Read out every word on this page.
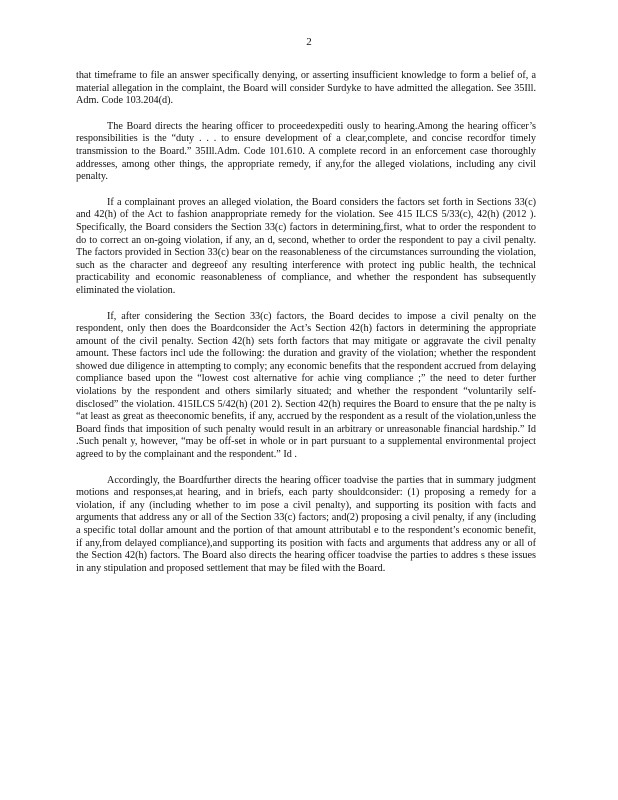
2

that timeframe to file an answer specifically denying, or asserting insufficient knowledge to form a belief of, a material allegation in the complaint, the Board will consider Surdyke to have admitted the allegation. See 35Ill. Adm. Code 103.204(d).

The Board directs the hearing officer to proceedexpediti ously to hearing.Among the hearing officer’s responsibilities is the “duty . . . to ensure development of a clear,complete, and concise recordfor timely transmission to the Board.” 35Ill.Adm. Code 101.610. A complete record in an enforcement case thoroughly addresses, among other things, the appropriate remedy, if any,for the alleged violations, including any civil penalty.

If a complainant proves an alleged violation, the Board considers the factors set forth in Sections 33(c) and 42(h) of the Act to fashion anappropriate remedy for the violation. See 415 ILCS 5/33(c), 42(h) (2012 ). Specifically, the Board considers the Section 33(c) factors in determining,first, what to order the respondent to do to correct an on-going violation, if any, an d, second, whether to order the respondent to pay a civil penalty. The factors provided in Section 33(c) bear on the reasonableness of the circumstances surrounding the violation, such as the character and degreeof any resulting interference with protect ing public health, the technical practicability and economic reasonableness of compliance, and whether the respondent has subsequently eliminated the violation.

If, after considering the Section 33(c) factors, the Board decides to impose a civil penalty on the respondent, only then does the Boardconsider the Act’s Section 42(h) factors in determining the appropriate amount of the civil penalty. Section 42(h) sets forth factors that may mitigate or aggravate the civil penalty amount. These factors incl ude the following: the duration and gravity of the violation; whether the respondent showed due diligence in attempting to comply; any economic benefits that the respondent accrued from delaying compliance based upon the “lowest cost alternative for achie ving compliance ;” the need to deter further violations by the respondent and others similarly situated; and whether the respondent “voluntarily self-disclosed” the violation. 415ILCS 5/42(h) (201 2). Section 42(h) requires the Board to ensure that the pe nalty is “at least as great as theeconomic benefits, if any, accrued by the respondent as a result of the violation,unless the Board finds that imposition of such penalty would result in an arbitrary or unreasonable financial hardship.” Id .Such penalt y, however, “may be off-set in whole or in part pursuant to a supplemental environmental project agreed to by the complainant and the respondent.” Id .

Accordingly, the Boardfurther directs the hearing officer toadvise the parties that in summary judgment motions and responses,at hearing, and in briefs, each party shouldconsider: (1) proposing a remedy for a violation, if any (including whether to im pose a civil penalty), and supporting its position with facts and arguments that address any or all of the Section 33(c) factors; and(2) proposing a civil penalty, if any (including a specific total dollar amount and the portion of that amount attributabl e to the respondent’s economic benefit, if any,from delayed compliance),and supporting its position with facts and arguments that address any or all of the Section 42(h) factors. The Board also directs the hearing officer toadvise the parties to addres s these issues in any stipulation and proposed settlement that may be filed with the Board.
